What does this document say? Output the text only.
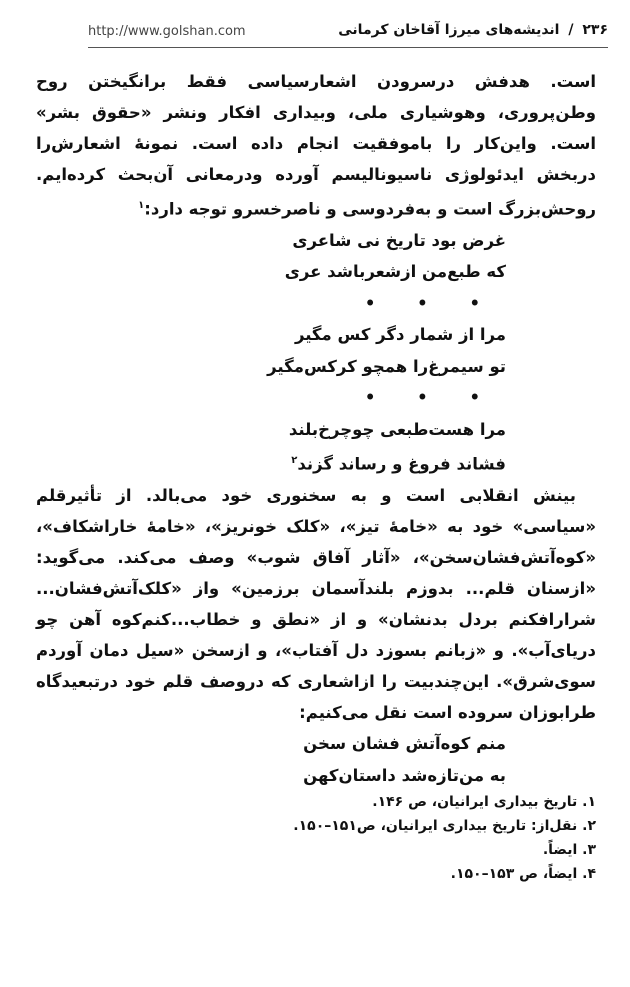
http://www.golshan.com	۲۳۶ / اندیشه‌های میرزا آقاخان کرمانی

است. هدفش درسرودن اشعارسیاسی فقط برانگیختن روح وطن‌پروری، وهوشیاری ملی، وبیداری افکار ونشر «حقوق بشر» است. واین‌کار را باموفقیت انجام داده است. نمونهٔ اشعارش‌را دربخش ایدئولوژی ناسیونالیسم آورده ودرمعانی آن‌بحث کرده‌ایم. روحش‌بزرگ است و به‌فردوسی و ناصرخسرو توجه دارد:$^۱$

غرض بود تاریخ نی شاعری
که طبع‌من ازشعرباشد عری
• • •
مرا از شمار دگر کس مگیر
تو سیمرغ‌را همچو کرکس‌مگیر
• • •
مرا هست‌طبعی چوچرخ‌بلند
فشاند فروغ و رساند گزند$^۲$

بینش انقلابی است و به سخنوری خود می‌بالد. از تأثیرقلم «سیاسی» خود به «خامهٔ تیز»، «کلک خونریز»، «خامهٔ خاراشکاف»، «کوه‌آتش‌فشان‌سخن»، «آثار آفاق شوب» وصف می‌کند. می‌گوید: «ازسنان قلم... بدوزم بلندآسمان برزمین» واز «کلک‌آتش‌فشان... شرارافکنم بردل بدنشان» و از «نطق و خطاب...کنم‌کوه آهن چو دریای‌آب». و «زبانم بسوزد دل آفتاب»، و ازسخن «سیل دمان آوردم سوی‌شرق». این‌چندبیت را ازاشعاری که دروصف قلم خود درتبعیدگاه طرابوزان سروده است نقل می‌کنیم:

منم کوه‌آتش فشان سخن
به من‌تازه‌شد داستان‌کهن
۱. تاریخ بیداری ایرانیان، ص ۱۴۶.
۲. نقل‌از: تاریخ بیداری ایرانیان، ص۱۵۱–۱۵۰.
۳. ایضاً.
۴. ایضاً، ص ۱۵۳–۱۵۰.
